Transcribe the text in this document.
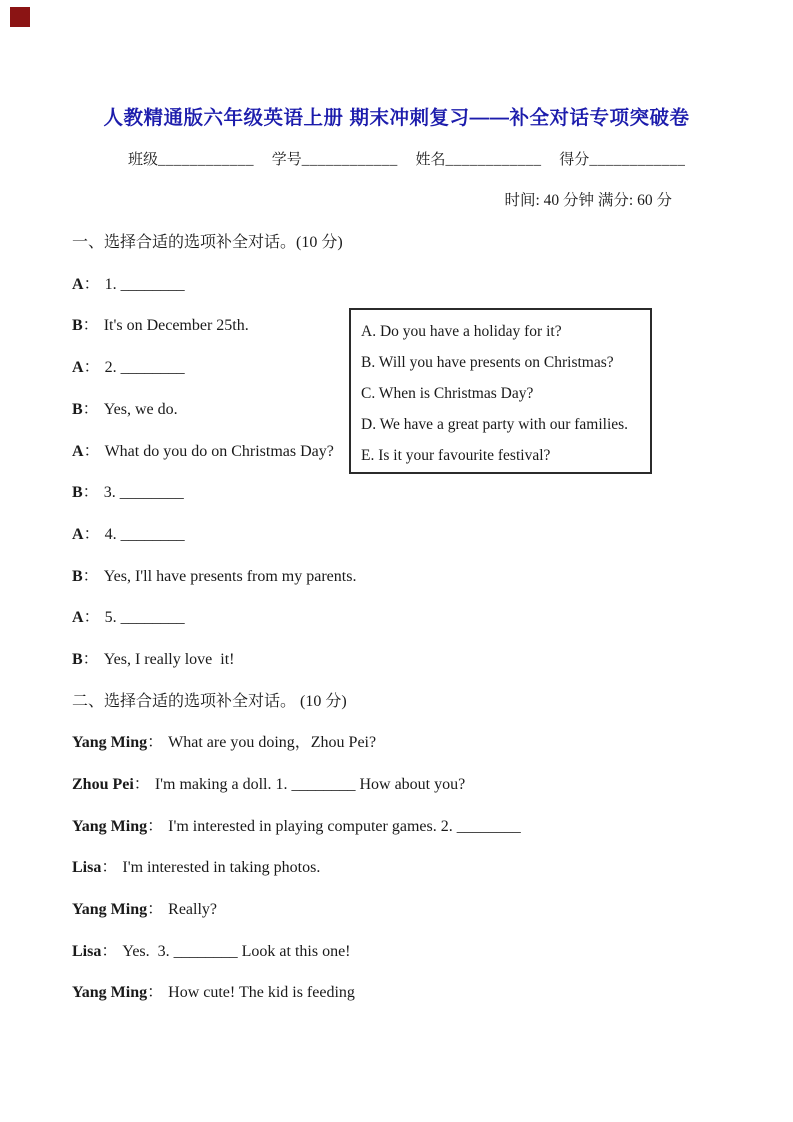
人教精通版六年级英语上册 期末冲刺复习——补全对话专项突破卷
班级____________ 学号____________ 姓名____________ 得分____________
时间: 40 分钟 满分: 60 分
一、选择合适的选项补全对话。(10 分)
A： 1. ________
B： It's on December 25th.
A： 2. ________
B： Yes, we do.
A： What do you do on Christmas Day?
B： 3. ________
A： 4. ________
B： Yes, I'll have presents from my parents.
A： 5. ________
B： Yes, I really love  it!
二、选择合适的选项补全对话。 (10 分)
Yang Ming： What are you doing，Zhou Pei?
Zhou Pei： I'm making a doll. 1. ________ How about you?
Yang Ming： I'm interested in playing computer games. 2. ________
Lisa： I'm interested in taking photos.
Yang Ming： Really?
Lisa： Yes.  3. ________ Look at this one!
Yang Ming： How cute! The kid is feeding
A. Do you have a holiday for it?
B. Will you have presents on Christmas?
C. When is Christmas Day?
D. We have a great party with our families.
E. Is it your favourite festival?
